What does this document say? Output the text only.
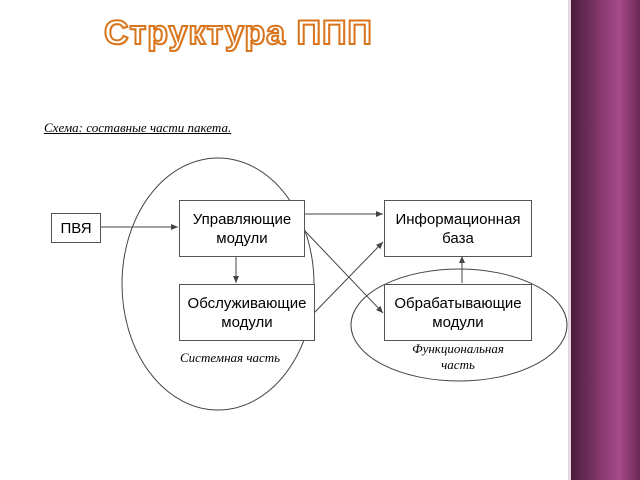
Структура ППП
Схема: составные части пакета.
ПВЯ
Управляющие
модули
Обслуживающие
модули
Информационная
база
Обрабатывающие
модули
Системная часть
Функциональная
часть
